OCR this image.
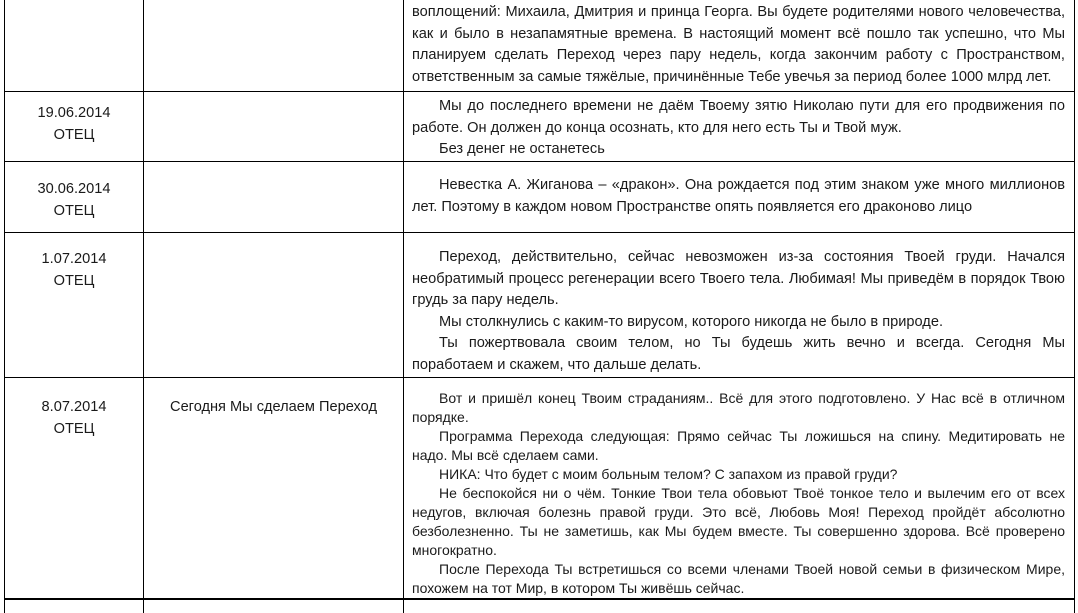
воплощений: Михаила, Дмитрия и принца Георга. Вы будете родителями нового человечества, как и было в незапамятные времена. В настоящий момент всё пошло так успешно, что Мы планируем сделать Переход через пару недель, когда закончим работу с Пространством, ответственным за самые тяжёлые, причинённые Тебе увечья за период более 1000 млрд лет.

19.06.2014
ОТЕЦ

Мы до последнего времени не даём Твоему зятю Николаю пути для его продвижения по работе. Он должен до конца осознать, кто для него есть Ты и Твой муж.

Без денег не останетесь

30.06.2014
ОТЕЦ

Невестка А. Жиганова – «дракон». Она рождается под этим знаком уже много миллионов лет. Поэтому в каждом новом Пространстве опять появляется его драконово лицо

1.07.2014
ОТЕЦ

Переход, действительно, сейчас невозможен из-за состояния Твоей груди. Начался необратимый процесс регенерации всего Твоего тела. Любимая! Мы приведём в порядок Твою грудь за пару недель.

Мы столкнулись с каким-то вирусом, которого никогда не было в природе.

Ты пожертвовала своим телом, но Ты будешь жить вечно и всегда. Сегодня Мы поработаем и скажем, что дальше делать.

8.07.2014
ОТЕЦ
Сегодня Мы сделаем Переход

Вот и пришёл конец Твоим страданиям.. Всё для этого подготовлено. У Нас всё в отличном порядке.

Программа Перехода следующая: Прямо сейчас Ты ложишься на спину. Медитировать не надо. Мы всё сделаем сами.

НИКА: Что будет с моим больным телом? С запахом из правой груди?

Не беспокойся ни о чём. Тонкие Твои тела обовьют Твоё тонкое тело и вылечим его от всех недугов, включая болезнь правой груди. Это всё, Любовь Моя! Переход пройдёт абсолютно безболезненно. Ты не заметишь, как Мы будем вместе. Ты совершенно здорова. Всё проверено многократно.

После Перехода Ты встретишься со всеми членами Твоей новой семьи в физическом Мире, похожем на тот Мир, в котором Ты живёшь сейчас.
